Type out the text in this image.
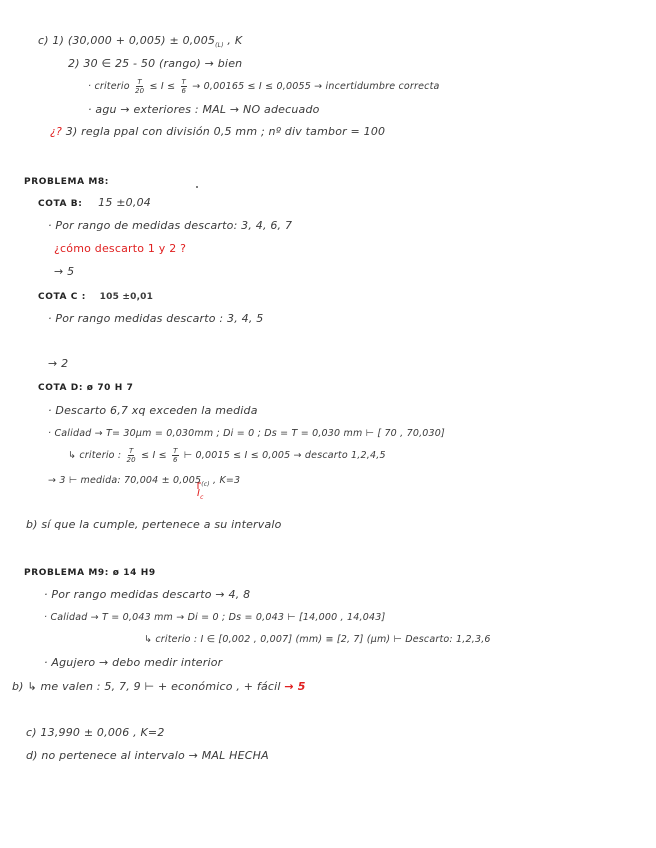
c) 1) $(30,000 + 0,005) \pm 0,005_{(L)}$ , K
2) 30 ∈ 25 - 50 (rango) → bien
· criterio $\frac{T}{20} \le I \le \frac{T}{6} \to 0,00165 \le I \le 0,0055$ → incertidumbre correcta
· agu → exteriores : MAL → NO adecuado
¿? 3) regla ppal con división 0,5 mm ; nº div tambor = 100
PROBLEMA M8:
COTA B: 15 ±0,04
· Por rango de medidas descarto: 3, 4, 6, 7
¿cómo descarto 1 y 2 ?
→ 5
COTA C : 105 ±0,01
· Por rango medidas descarto : 3, 4, 5
→ 2
COTA D: ø 70 H 7
· Descarto 6,7 xq exceden la medida
· Calidad → T= 30µm = 0,030mm ; Di = 0 ; Ds = T = 0,030 mm ⊢ [ 70 , 70,030]
↳ criterio : $\frac{T}{20} \le I \le \frac{T}{6}$ ⊢ 0,0015 ≤ I ≤ 0,005 → descarto 1,2,4,5
→ 3 ⊢ medida: $70,004 \pm 0,005_{(c)}$ , K=3
$I_c$
b) sí que la cumple, pertenece a su intervalo
PROBLEMA M9: ø 14 H9
· Por rango medidas descarto → 4, 8
· Calidad → T = 0,043 mm → Di = 0 ; Ds = 0,043 ⊢ [14,000 , 14,043]
↳ criterio : I ∈ [0,002 , 0,007] (mm) ≡ [2, 7] (µm) ⊢ Descarto: 1,2,3,6
· Agujero → debo medir interior
b) ↳ me valen : 5, 7, 9 ⊢ + económico , + fácil → 5
c) 13,990 ± 0,006 , K=2
d) no pertenece al intervalo → MAL HECHA
